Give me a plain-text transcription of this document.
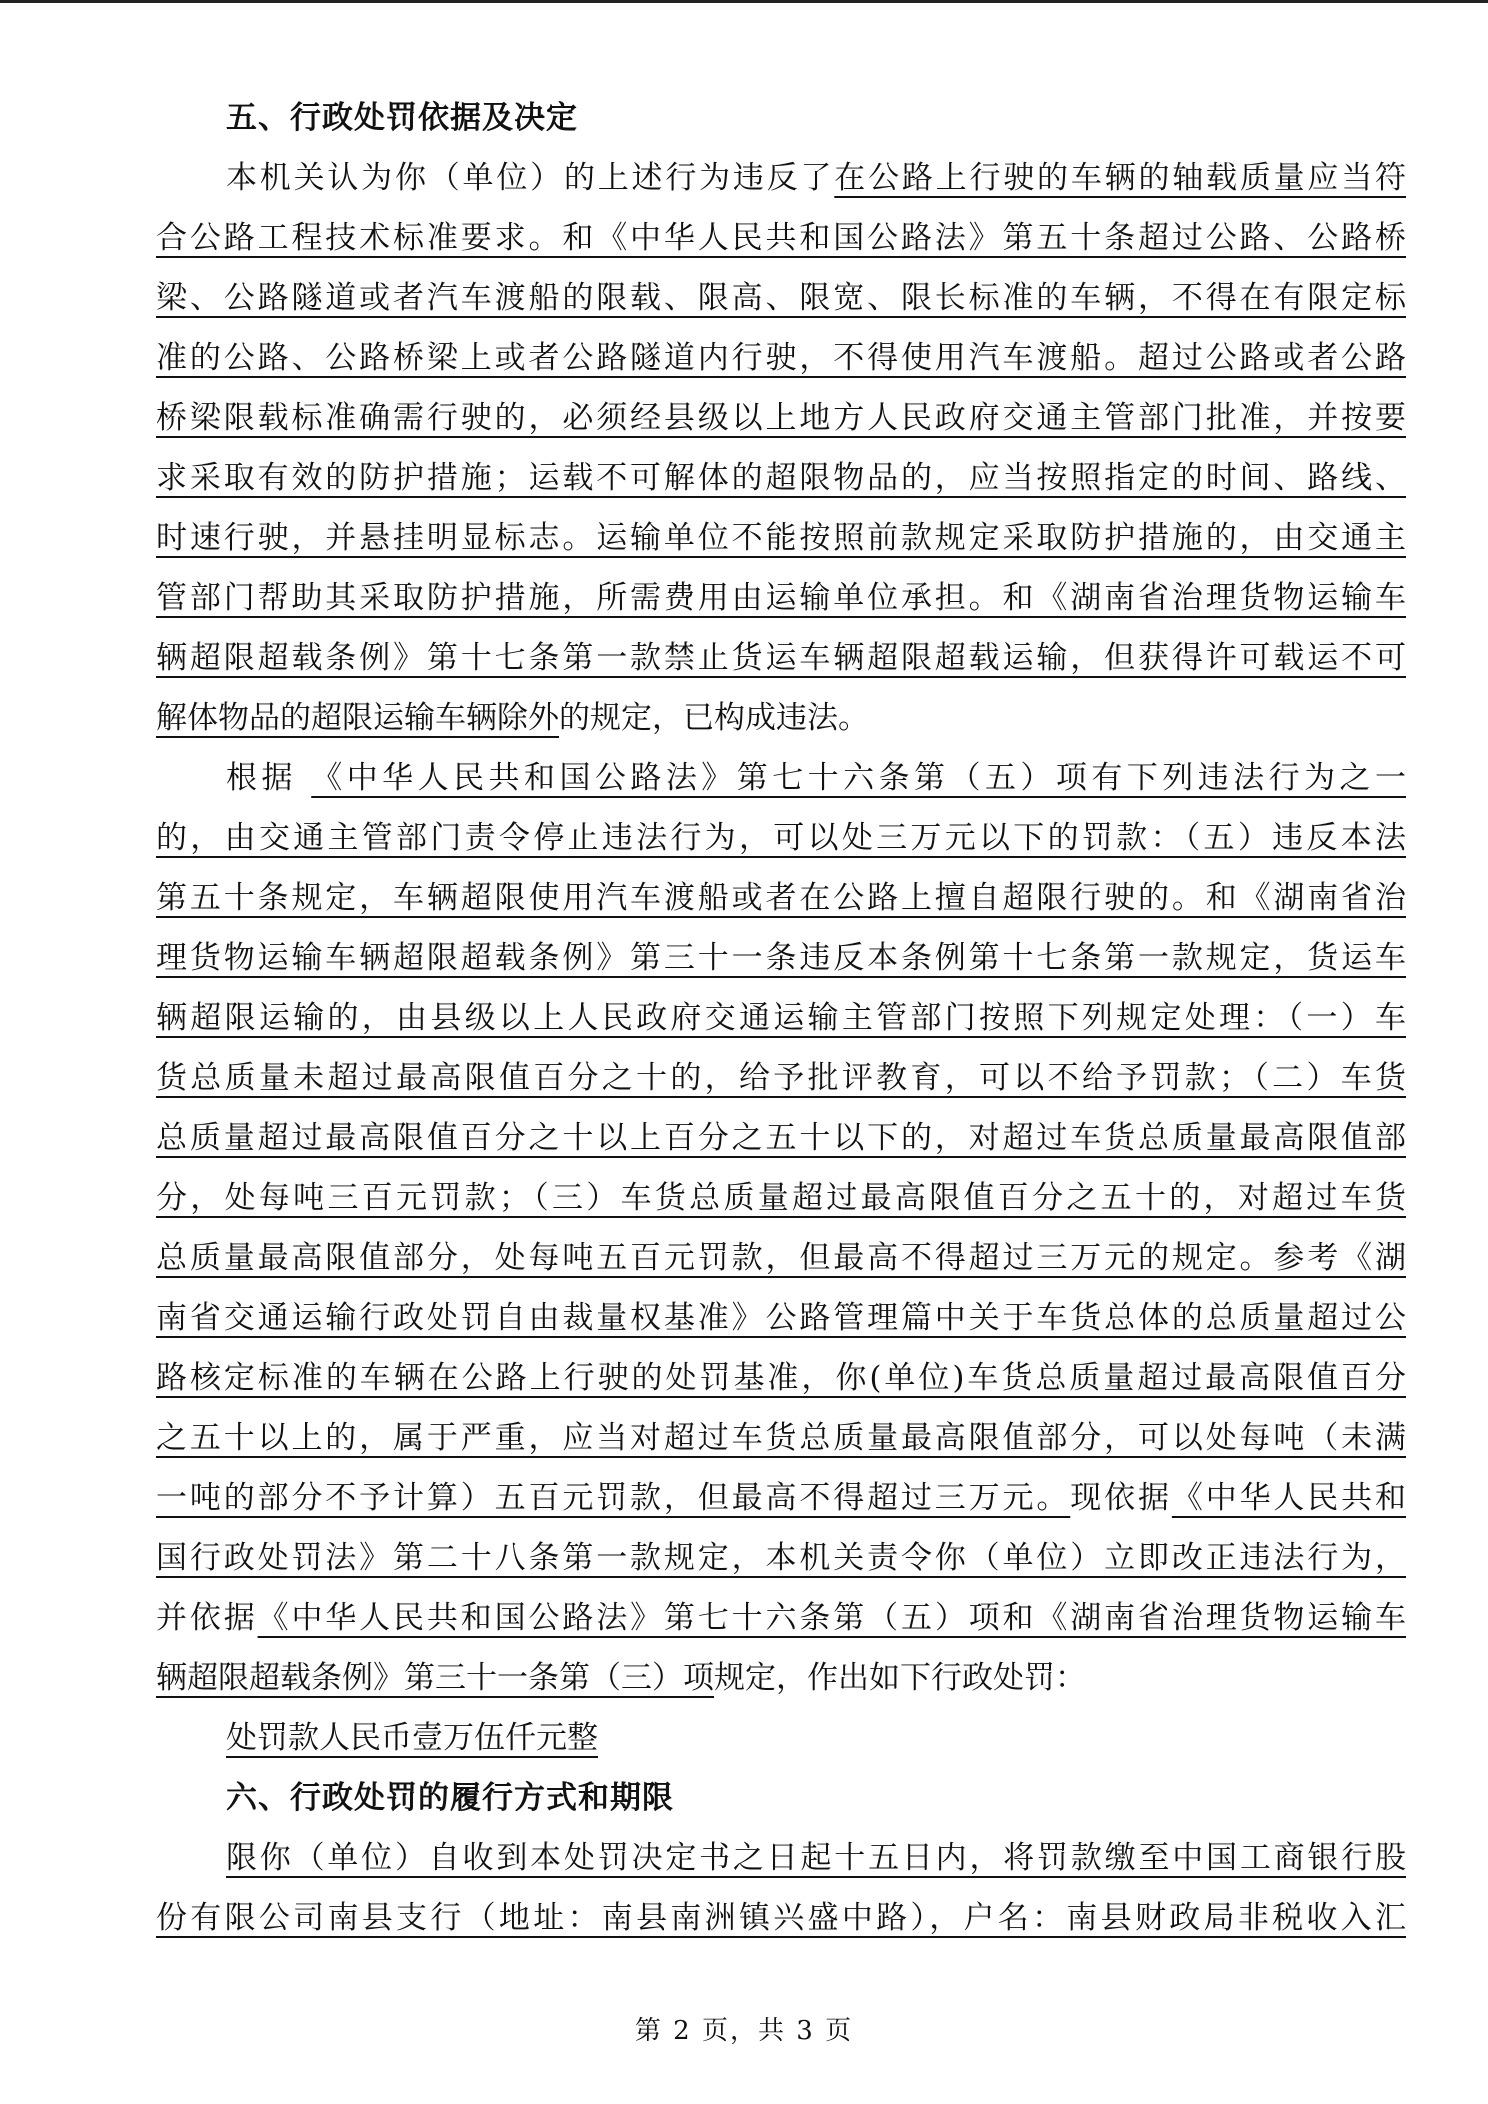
五、行政处罚依据及决定
本机关认为你（单位）的上述行为违反了在公路上行驶的车辆的轴载质量应当符
合公路工程技术标准要求。和《中华人民共和国公路法》第五十条超过公路、公路桥
梁、公路隧道或者汽车渡船的限载、限高、限宽、限长标准的车辆，不得在有限定标
准的公路、公路桥梁上或者公路隧道内行驶，不得使用汽车渡船。超过公路或者公路
桥梁限载标准确需行驶的，必须经县级以上地方人民政府交通主管部门批准，并按要
求采取有效的防护措施；运载不可解体的超限物品的，应当按照指定的时间、路线、
时速行驶，并悬挂明显标志。运输单位不能按照前款规定采取防护措施的，由交通主
管部门帮助其采取防护措施，所需费用由运输单位承担。和《湖南省治理货物运输车
辆超限超载条例》第十七条第一款禁止货运车辆超限超载运输，但获得许可载运不可
解体物品的超限运输车辆除外的规定，已构成违法。
根据 《中华人民共和国公路法》第七十六条第（五）项有下列违法行为之一
的，由交通主管部门责令停止违法行为，可以处三万元以下的罚款：（五）违反本法
第五十条规定，车辆超限使用汽车渡船或者在公路上擅自超限行驶的。和《湖南省治
理货物运输车辆超限超载条例》第三十一条违反本条例第十七条第一款规定，货运车
辆超限运输的，由县级以上人民政府交通运输主管部门按照下列规定处理：（一）车
货总质量未超过最高限值百分之十的，给予批评教育，可以不给予罚款；（二）车货
总质量超过最高限值百分之十以上百分之五十以下的，对超过车货总质量最高限值部
分，处每吨三百元罚款；（三）车货总质量超过最高限值百分之五十的，对超过车货
总质量最高限值部分，处每吨五百元罚款，但最高不得超过三万元的规定。参考《湖
南省交通运输行政处罚自由裁量权基准》公路管理篇中关于车货总体的总质量超过公
路核定标准的车辆在公路上行驶的处罚基准，你(单位)车货总质量超过最高限值百分
之五十以上的，属于严重，应当对超过车货总质量最高限值部分，可以处每吨（未满
一吨的部分不予计算）五百元罚款，但最高不得超过三万元。现依据《中华人民共和
国行政处罚法》第二十八条第一款规定，本机关责令你（单位）立即改正违法行为，
并依据《中华人民共和国公路法》第七十六条第（五）项和《湖南省治理货物运输车
辆超限超载条例》第三十一条第（三）项规定，作出如下行政处罚：
处罚款人民币壹万伍仟元整
六、行政处罚的履行方式和期限
限你（单位）自收到本处罚决定书之日起十五日内，将罚款缴至中国工商银行股
份有限公司南县支行（地址：南县南洲镇兴盛中路），户名：南县财政局非税收入汇
第 2 页，共 3 页
